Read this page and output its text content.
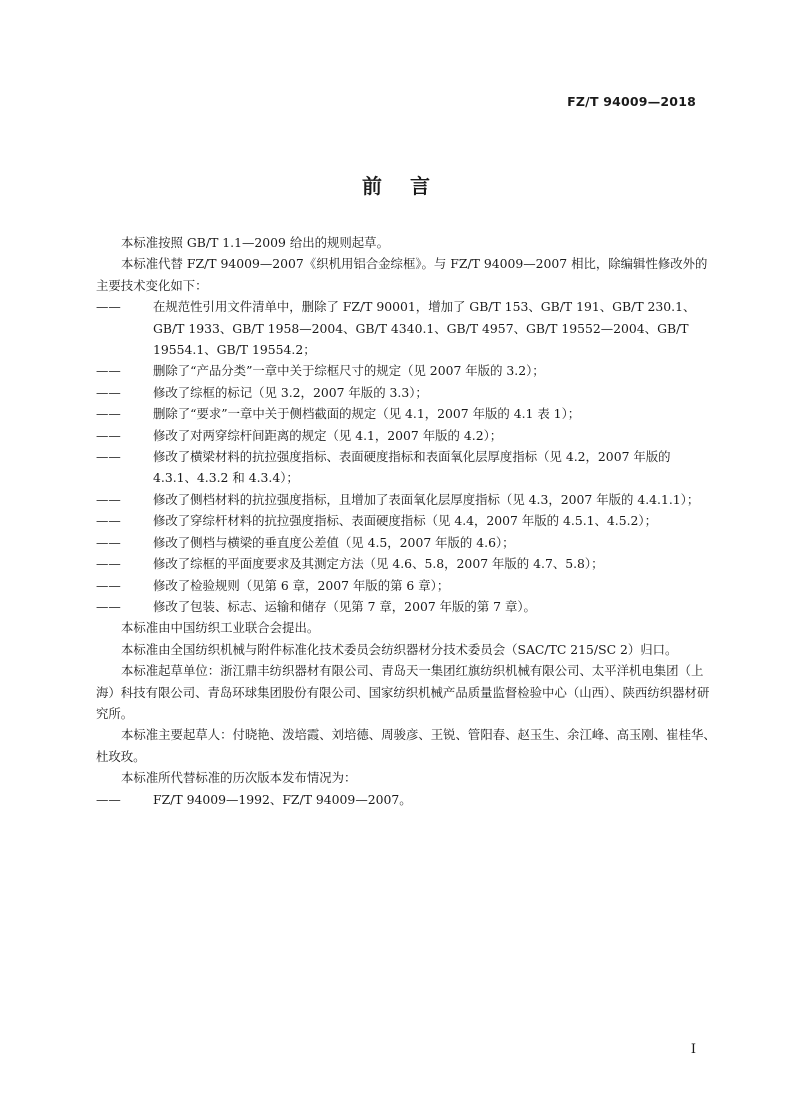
FZ/T 94009—2018
前言

本标准按照 GB/T 1.1—2009 给出的规则起草。

本标准代替 FZ/T 94009—2007《织机用铝合金综框》。与 FZ/T 94009—2007 相比，除编辑性修改外的主要技术变化如下：

——	在规范性引用文件清单中，删除了 FZ/T 90001，增加了 GB/T 153、GB/T 191、GB/T 230.1、GB/T 1933、GB/T 1958—2004、GB/T 4340.1、GB/T 4957、GB/T 19552—2004、GB/T 19554.1、GB/T 19554.2；

——	删除了“产品分类”一章中关于综框尺寸的规定（见 2007 年版的 3.2）；

——	修改了综框的标记（见 3.2，2007 年版的 3.3）；

——	删除了“要求”一章中关于侧档截面的规定（见 4.1，2007 年版的 4.1 表 1）；

——	修改了对两穿综杆间距离的规定（见 4.1，2007 年版的 4.2）；

——	修改了横梁材料的抗拉强度指标、表面硬度指标和表面氧化层厚度指标（见 4.2，2007 年版的 4.3.1、4.3.2 和 4.3.4）；

——	修改了侧档材料的抗拉强度指标，且增加了表面氧化层厚度指标（见 4.3，2007 年版的 4.4.1.1）；

——	修改了穿综杆材料的抗拉强度指标、表面硬度指标（见 4.4，2007 年版的 4.5.1、4.5.2）；

——	修改了侧档与横梁的垂直度公差值（见 4.5，2007 年版的 4.6）；

——	修改了综框的平面度要求及其测定方法（见 4.6、5.8，2007 年版的 4.7、5.8）；

——	修改了检验规则（见第 6 章，2007 年版的第 6 章）；

——	修改了包装、标志、运输和储存（见第 7 章，2007 年版的第 7 章）。

本标准由中国纺织工业联合会提出。

本标准由全国纺织机械与附件标准化技术委员会纺织器材分技术委员会（SAC/TC 215/SC 2）归口。

本标准起草单位：浙江鼎丰纺织器材有限公司、青岛天一集团红旗纺织机械有限公司、太平洋机电集团（上海）科技有限公司、青岛环球集团股份有限公司、国家纺织机械产品质量监督检验中心（山西）、陕西纺织器材研究所。

本标准主要起草人：付晓艳、泼培霞、刘培德、周骏彦、王锐、管阳春、赵玉生、余江峰、高玉刚、崔桂华、杜玫玫。

本标准所代替标准的历次版本发布情况为：

——	FZ/T 94009—1992、FZ/T 94009—2007。

I
